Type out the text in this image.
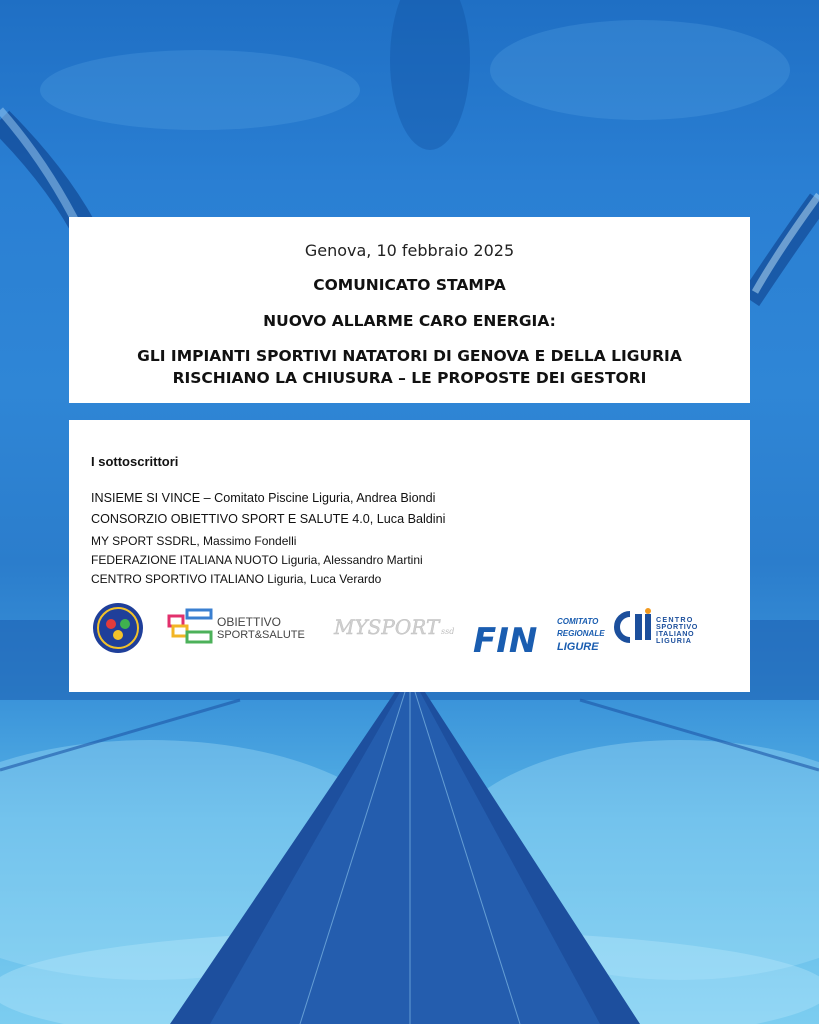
Genova, 10 febbraio 2025
COMUNICATO STAMPA
NUOVO ALLARME CARO ENERGIA:
GLI IMPIANTI SPORTIVI NATATORI DI GENOVA E DELLA LIGURIA
RISCHIANO LA CHIUSURA – LE PROPOSTE DEI GESTORI
I sottoscrittori
INSIEME SI VINCE – Comitato Piscine Liguria, Andrea Biondi
CONSORZIO OBIETTIVO SPORT E SALUTE 4.0, Luca Baldini
MY SPORT SSDRL, Massimo Fondelli
FEDERAZIONE ITALIANA NUOTO Liguria, Alessandro Martini
CENTRO SPORTIVO ITALIANO Liguria, Luca Verardo
OBIETTIVO
SPORT&SALUTE MYSPORT ssd FIN COMITATO
REGIONALE
LIGURE
CENTRO
SPORTIVO
ITALIANO
LIGURIA
